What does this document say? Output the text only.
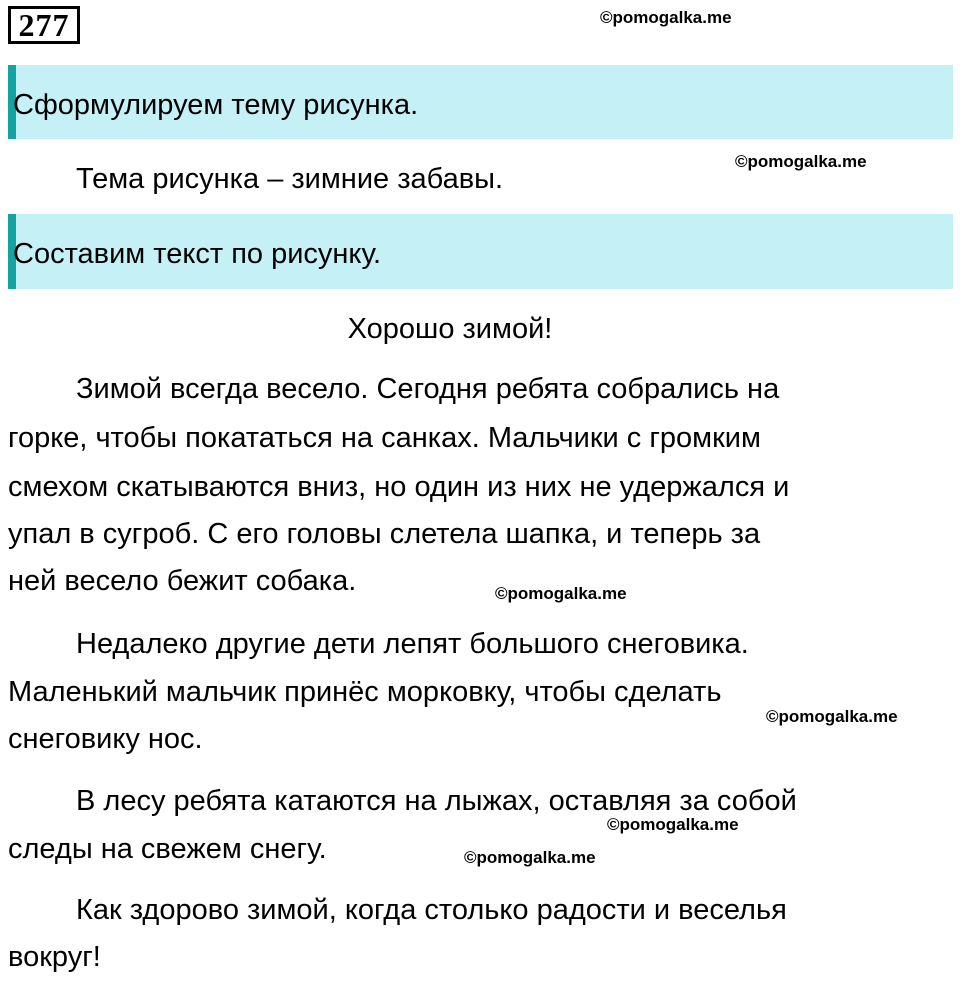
277	©pomogalka.me
Сформулируем тему рисунка.
Тема рисунка – зимние забавы.
©pomogalka.me
Составим текст по рисунку.
Хорошо зимой!
Зимой всегда весело. Сегодня ребята собрались на
горке, чтобы покататься на санках. Мальчики с громким
смехом скатываются вниз, но один из них не удержался и
упал в сугроб. С его головы слетела шапка, и теперь за
ней весело бежит собака.	©pomogalka.me
Недалеко другие дети лепят большого снеговика.
Маленький мальчик принёс морковку, чтобы сделать
©pomogalka.me
снеговику нос.
В лесу ребята катаются на лыжах, оставляя за собой
©pomogalka.me
следы на свежем снегу.	©pomogalka.me
Как здорово зимой, когда столько радости и веселья
вокруг!
